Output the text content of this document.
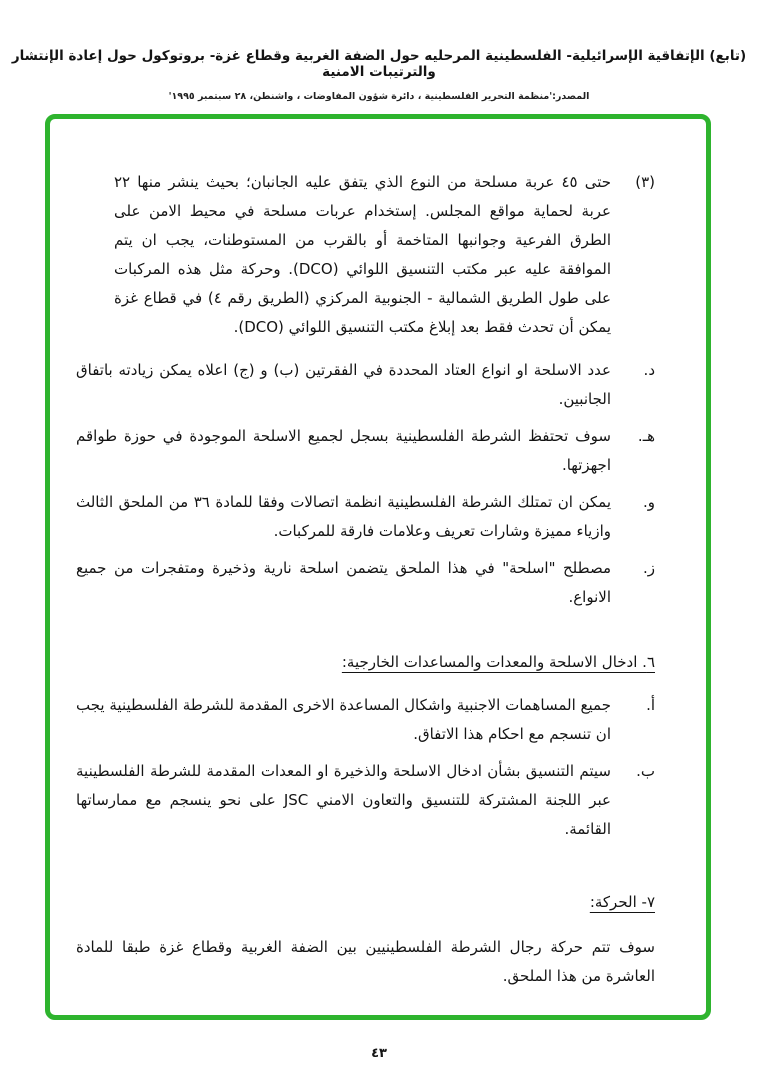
(تابع) الإتفاقية الإسرائيلية- الفلسطينية المرحليه حول الضفة الغربية وقطاع غزة- بروتوكول حول إعادة الإنتشار والترتيبات الامنية
المصدر:'منظمة التحرير الفلسطينية ، دائرة شؤون المفاوضات ، واشنطن، ٢٨ سبتمبر ١٩٩٥'
(٣)
حتى ٤٥ عربة مسلحة من النوع الذي يتفق عليه الجانبان؛ بحيث ينشر منها ٢٢ عربة لحماية مواقع المجلس. إستخدام عربات مسلحة في محيط الامن على الطرق الفرعية وجوانبها المتاخمة أو بالقرب من المستوطنات، يجب ان يتم الموافقة عليه عبر مكتب التنسيق اللوائي (DCO). وحركة مثل هذه المركبات على طول الطريق الشمالية - الجنوبية المركزي (الطريق رقم ٤) في قطاع غزة يمكن أن تحدث فقط بعد إبلاغ مكتب التنسيق اللوائي (DCO).
د.
عدد الاسلحة او انواع العتاد المحددة في الفقرتين (ب) و (ج) اعلاه يمكن زيادته باتفاق الجانبين.
هـ.
سوف تحتفظ الشرطة الفلسطينية بسجل لجميع الاسلحة الموجودة في حوزة طواقم اجهزتها.
و.
يمكن ان تمتلك الشرطة الفلسطينية انظمة اتصالات وفقا للمادة ٣٦ من الملحق الثالث وازياء مميزة وشارات تعريف وعلامات فارقة للمركبات.
ز.
مصطلح "اسلحة" في هذا الملحق يتضمن اسلحة نارية وذخيرة ومتفجرات من جميع الانواع.
٦. ادخال الاسلحة والمعدات والمساعدات الخارجية:
أ.
جميع المساهمات الاجنبية واشكال المساعدة الاخرى المقدمة للشرطة الفلسطينية يجب ان تنسجم مع احكام هذا الاتفاق.
ب.
سيتم التنسيق بشأن ادخال الاسلحة والذخيرة او المعدات المقدمة للشرطة الفلسطينية عبر اللجنة المشتركة للتنسيق والتعاون الامني JSC على نحو ينسجم مع ممارساتها القائمة.
٧- الحركة:
سوف تتم حركة رجال الشرطة الفلسطينيين بين الضفة الغربية وقطاع غزة طبقا للمادة العاشرة من هذا الملحق.
٤٣
